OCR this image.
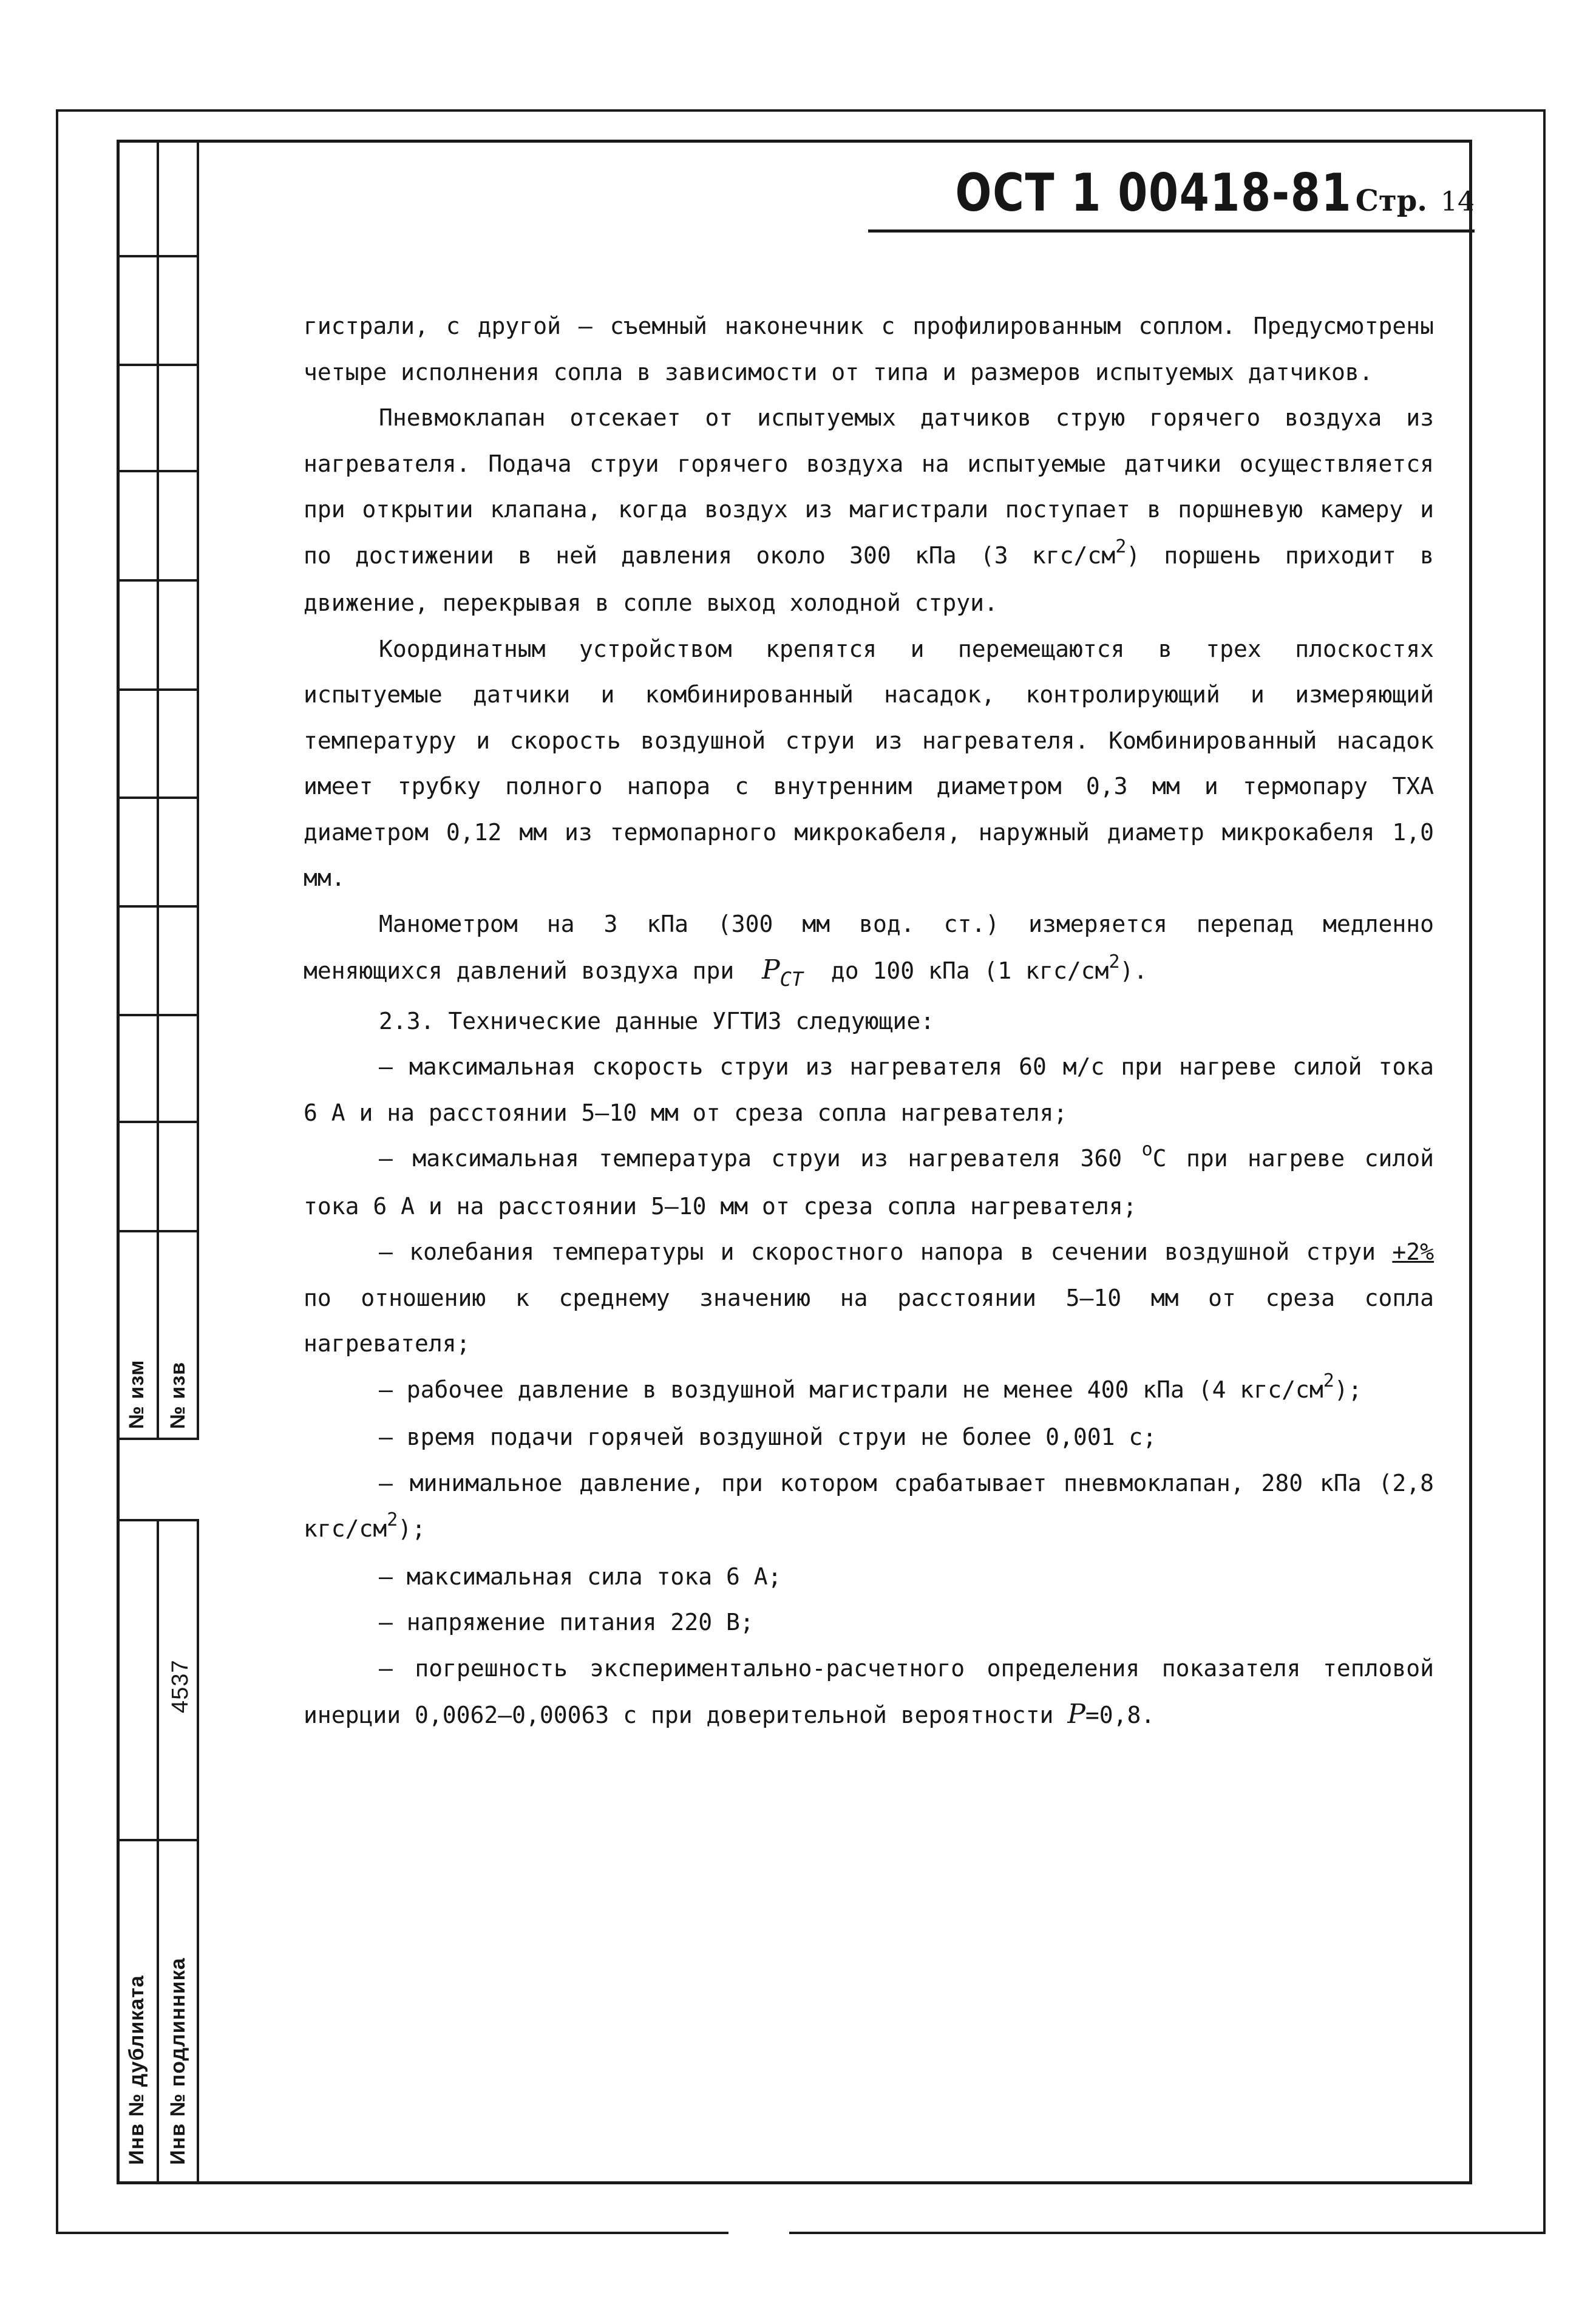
№ изм № изв
4537
Инв № дубликата Инв № подлинника
ОСТ 1 00418-81 Стр. 14

гистрали, с другой – съемный наконечник с профилированным соплом. Предусмотрены четыре исполнения сопла в зависимости от типа и размеров испытуемых датчиков.

Пневмоклапан отсекает от испытуемых датчиков струю горячего воздуха из нагревателя. Подача струи горячего воздуха на испытуемые датчики осуществляется при открытии клапана, когда воздух из магистрали поступает в поршневую камеру и по достижении в ней давления около 300 кПа (3 кгс/$см^2$) поршень приходит в движение, перекрывая в сопле выход холодной струи.

Координатным устройством крепятся и перемещаются в трех плоскостях испытуемые датчики и комбинированный насадок, контролирующий и измеряющий температуру и скорость воздушной струи из нагревателя. Комбинированный насадок имеет трубку полного напора с внутренним диаметром 0,3 мм и термопару ТХА диаметром 0,12 мм из термопарного микрокабеля, наружный диаметр микрокабеля 1,0 мм.

Манометром на 3 кПа (300 мм вод. ст.) измеряется перепад медленно меняющихся давлений воздуха при $P_{СТ}$ до 100 кПа (1 кгс/$см^2$).

2.3. Технические данные УГТИЗ следующие:

– максимальная скорость струи из нагревателя 60 м/с при нагреве силой тока 6 А и на расстоянии 5–10 мм от среза сопла нагревателя;

– максимальная температура струи из нагревателя 360 $^о$С при нагреве силой тока 6 А и на расстоянии 5–10 мм от среза сопла нагревателя;

– колебания температуры и скоростного напора в сечении воздушной струи +2% по отношению к среднему значению на расстоянии 5–10 мм от среза сопла нагревателя;

– рабочее давление в воздушной магистрали не менее 400 кПа (4 кгс/$см^2$);

– время подачи горячей воздушной струи не более 0,001 с;

– минимальное давление, при котором срабатывает пневмоклапан, 280 кПа (2,8 кгс/$см^2$);

– максимальная сила тока 6 А;

– напряжение питания 220 В;

– погрешность экспериментально-расчетного определения показателя тепловой инерции 0,0062–0,00063 с при доверительной вероятности P=0,8.
